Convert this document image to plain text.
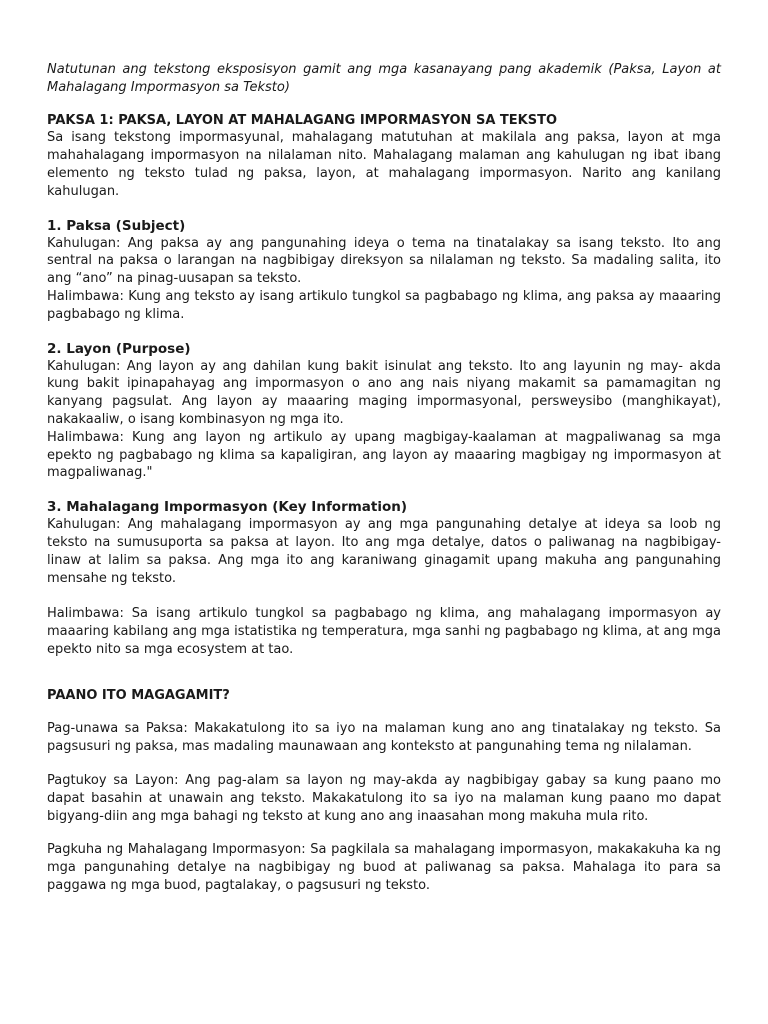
Natutunan ang tekstong eksposisyon gamit ang mga kasanayang pang akademik (Paksa, Layon at Mahalagang Impormasyon sa Teksto)

PAKSA 1: PAKSA, LAYON AT MAHALAGANG IMPORMASYON SA TEKSTO

Sa isang tekstong impormasyunal, mahalagang matutuhan at makilala ang paksa, layon at mga mahahalagang impormasyon na nilalaman nito. Mahalagang malaman ang kahulugan ng ibat ibang elemento ng teksto tulad ng paksa, layon, at mahalagang impormasyon. Narito ang kanilang kahulugan.

1. Paksa (Subject)

Kahulugan: Ang paksa ay ang pangunahing ideya o tema na tinatalakay sa isang teksto. Ito ang sentral na paksa o larangan na nagbibigay direksyon sa nilalaman ng teksto. Sa madaling salita, ito ang “ano” na pinag-uusapan sa teksto.

Halimbawa: Kung ang teksto ay isang artikulo tungkol sa pagbabago ng klima, ang paksa ay maaaring pagbabago ng klima.

2. Layon (Purpose)

Kahulugan: Ang layon ay ang dahilan kung bakit isinulat ang teksto. Ito ang layunin ng may- akda kung bakit ipinapahayag ang impormasyon o ano ang nais niyang makamit sa pamamagitan ng kanyang pagsulat. Ang layon ay maaaring maging impormasyonal, persweysibo (manghikayat), nakakaaliw, o isang kombinasyon ng mga ito.

Halimbawa: Kung ang layon ng artikulo ay upang magbigay-kaalaman at magpaliwanag sa mga epekto ng pagbabago ng klima sa kapaligiran, ang layon ay maaaring magbigay ng impormasyon at magpaliwanag."

3. Mahalagang Impormasyon (Key Information)

Kahulugan: Ang mahalagang impormasyon ay ang mga pangunahing detalye at ideya sa loob ng teksto na sumusuporta sa paksa at layon. Ito ang mga detalye, datos o paliwanag na nagbibigay- linaw at lalim sa paksa. Ang mga ito ang karaniwang ginagamit upang makuha ang pangunahing mensahe ng teksto.

Halimbawa: Sa isang artikulo tungkol sa pagbabago ng klima, ang mahalagang impormasyon ay maaaring kabilang ang mga istatistika ng temperatura, mga sanhi ng pagbabago ng klima, at ang mga epekto nito sa mga ecosystem at tao.

PAANO ITO MAGAGAMIT?

Pag-unawa sa Paksa: Makakatulong ito sa iyo na malaman kung ano ang tinatalakay ng teksto. Sa pagsusuri ng paksa, mas madaling maunawaan ang konteksto at pangunahing tema ng nilalaman.

Pagtukoy sa Layon: Ang pag-alam sa layon ng may-akda ay nagbibigay gabay sa kung paano mo dapat basahin at unawain ang teksto. Makakatulong ito sa iyo na malaman kung paano mo dapat bigyang-diin ang mga bahagi ng teksto at kung ano ang inaasahan mong makuha mula rito.

Pagkuha ng Mahalagang Impormasyon: Sa pagkilala sa mahalagang impormasyon, makakakuha ka ng mga pangunahing detalye na nagbibigay ng buod at paliwanag sa paksa. Mahalaga ito para sa paggawa ng mga buod, pagtalakay, o pagsusuri ng teksto.
